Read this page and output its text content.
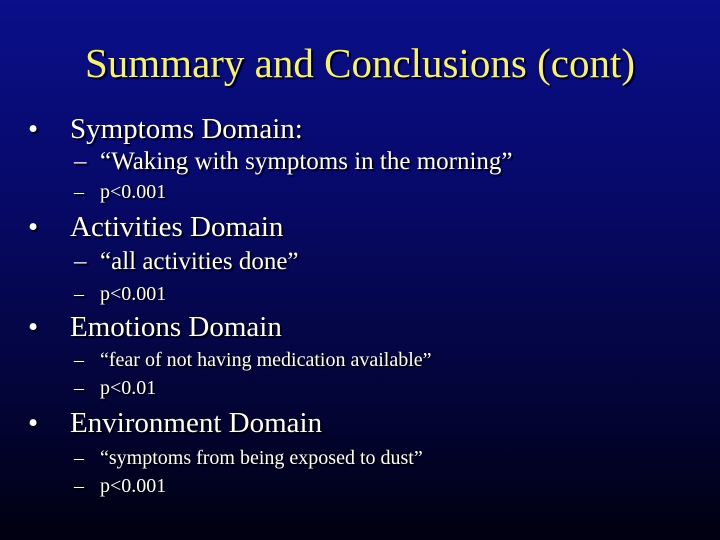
Summary and Conclusions (cont)
• Symptoms Domain:
– “Waking with symptoms in the morning”
– p<0.001
• Activities Domain
– “all activities done”
– p<0.001
• Emotions Domain
– “fear of not having medication available”
– p<0.01
• Environment Domain
– “symptoms from being exposed to dust”
– p<0.001
